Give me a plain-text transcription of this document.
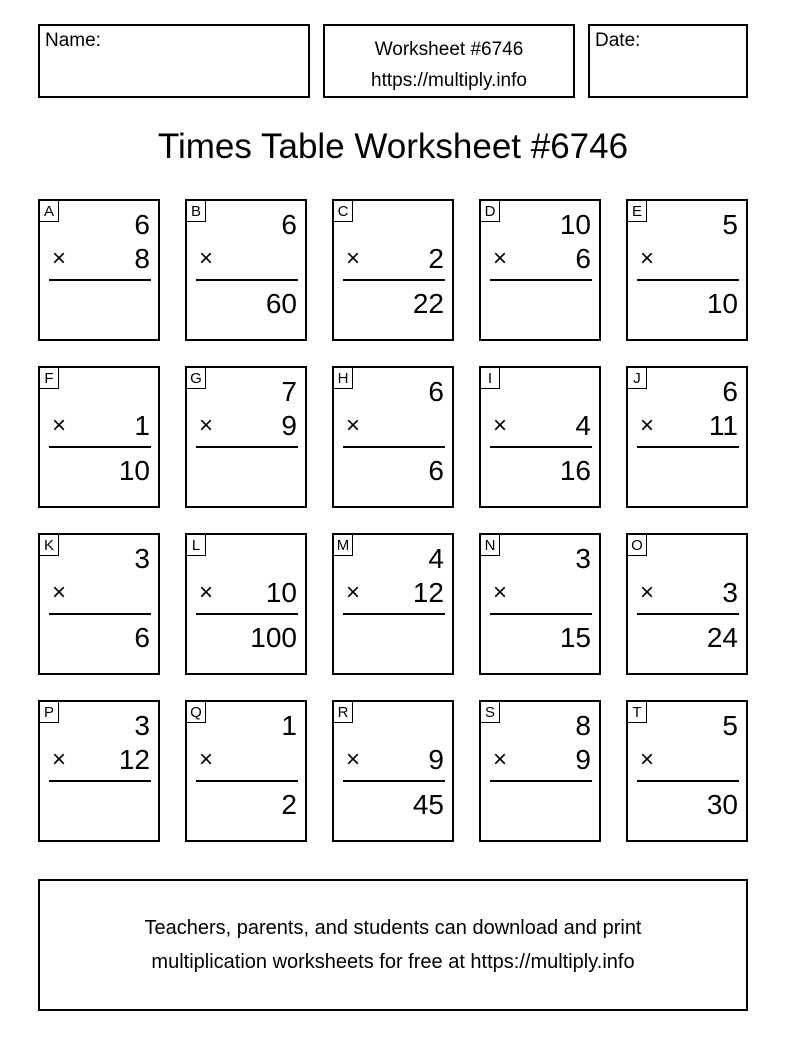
Name:	Worksheet #6746
https://multiply.info
Date:
Times Table Worksheet #6746
A	6
× 8
B	6
×
60
C
× 2
22
D 10
× 6
E	5
×
10
F
× 1
10
G	7
× 9
H	6
×
6
I
× 4
16
J	6
× 11
K	3
×
6
L
× 10
100
M	4
× 12
N	3
×
15
O
× 3
24
P	3
× 12
Q	1
×
2
R
× 9
45
S	8
× 9
T	5
×
30
Teachers, parents, and students can download and print
multiplication worksheets for free at https://multiply.info
